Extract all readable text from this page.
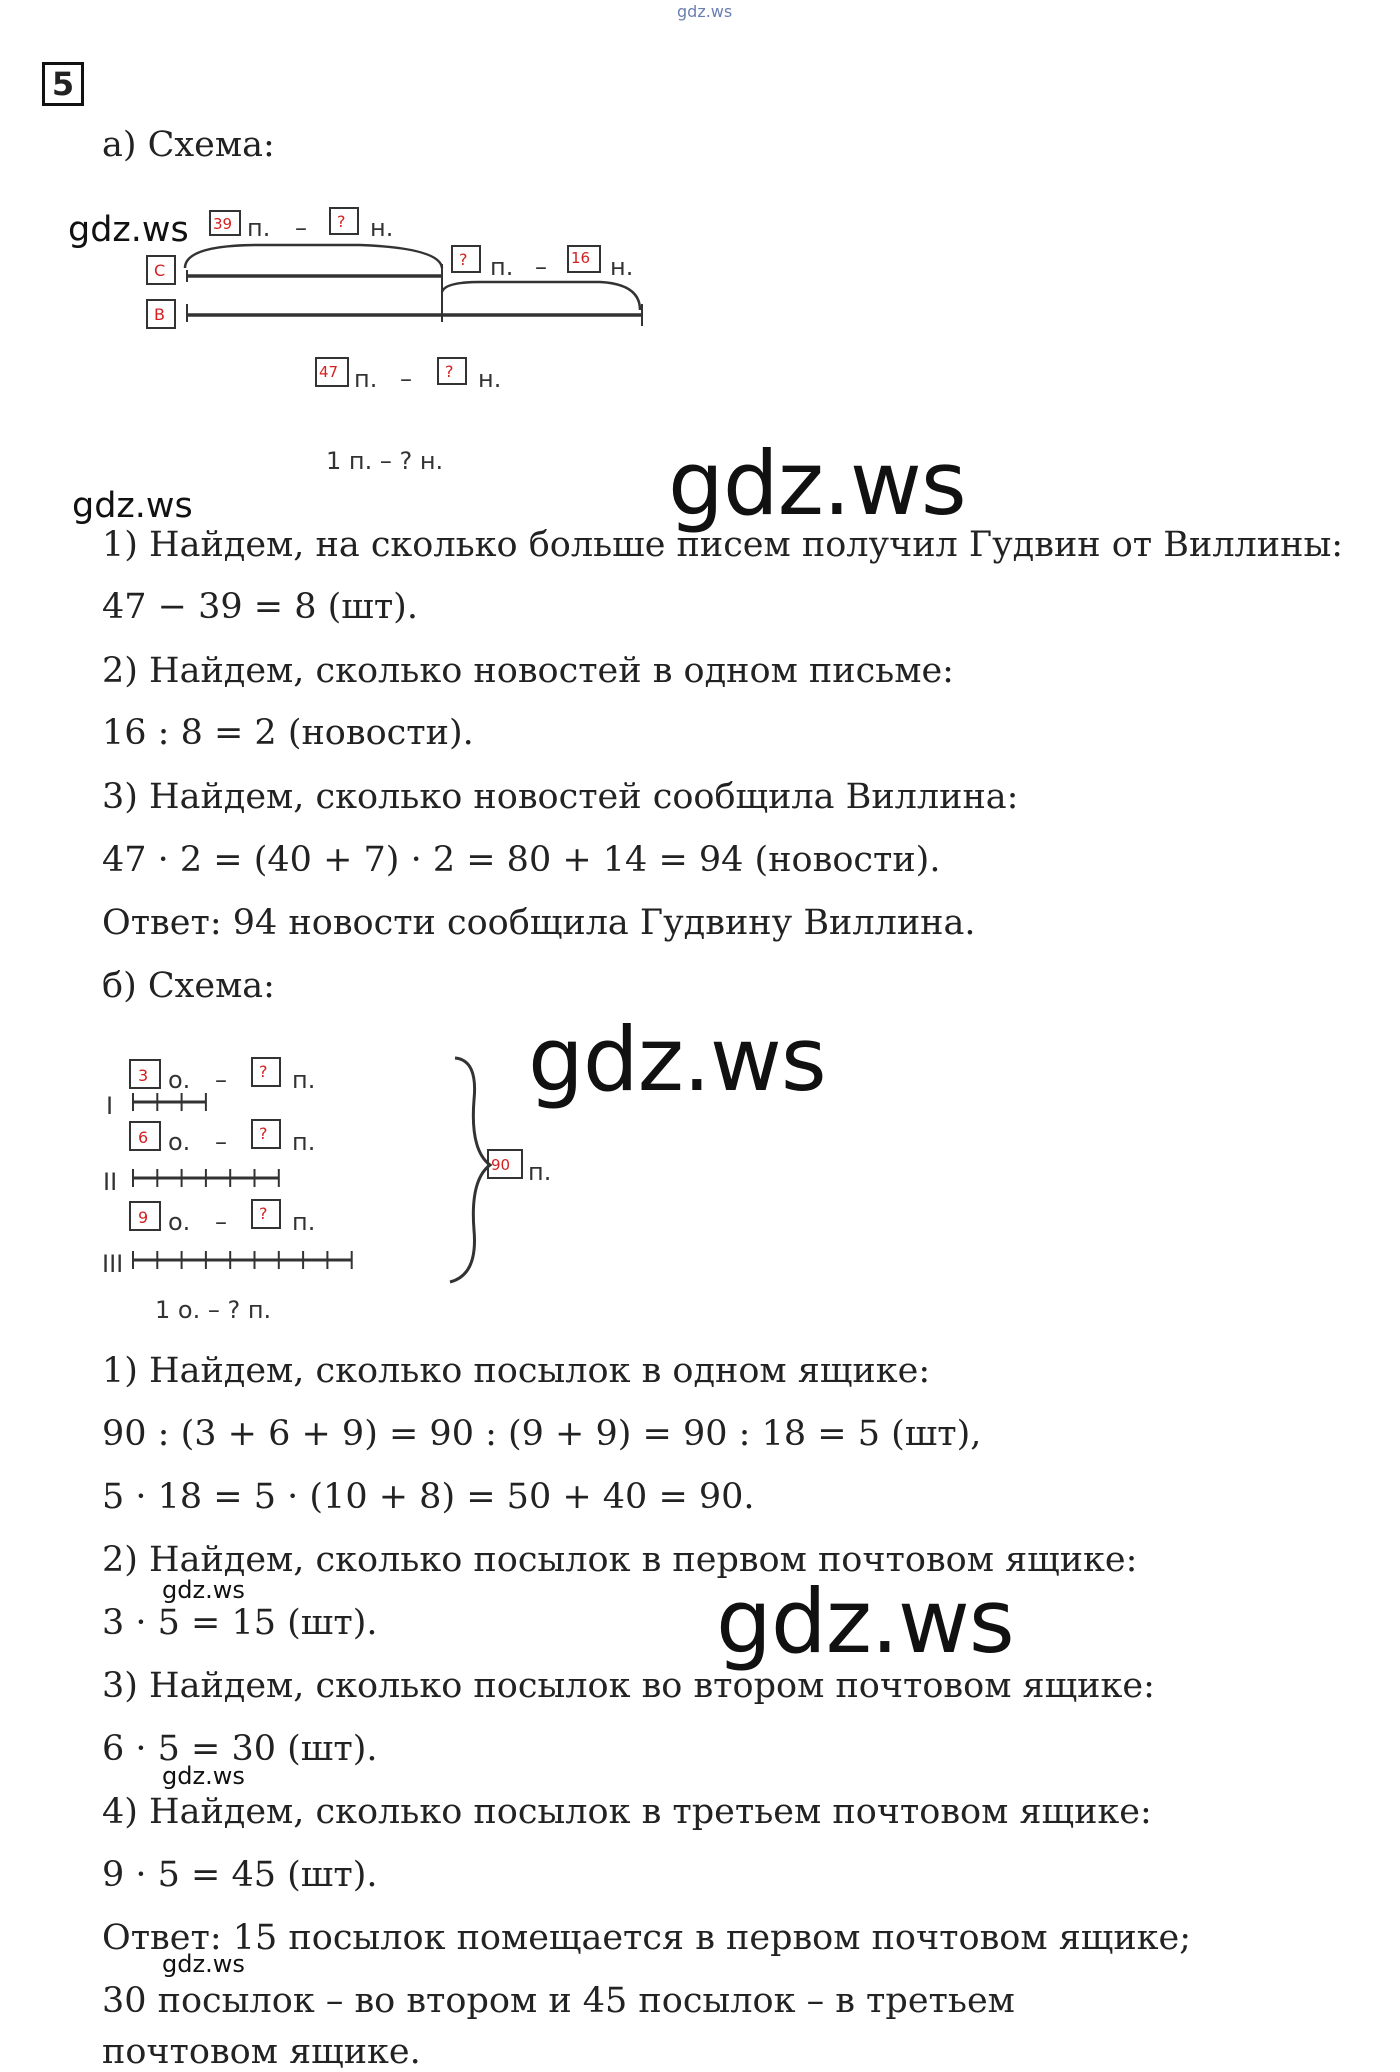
gdz.ws
5
а) Схема:
gdz.ws 39 п. – ? н.
С
? п. – 16 н.
В
47 п. – ? н.
1 п. – ? н.
3 о. – ? п.
I
6 о. – ? п.
II
9 о. – ? п.
III
90 п.
1 о. – ? п.
gdz.ws
gdz.ws
1) Найдем, на сколько больше писем получил Гудвин от Виллины:
47 − 39 = 8 (шт).
2) Найдем, сколько новостей в одном письме:
16 : 8 = 2 (новости).
3) Найдем, сколько новостей сообщила Виллина:
47 · 2 = (40 + 7) · 2 = 80 + 14 = 94 (новости).
Ответ: 94 новости сообщила Гудвину Виллина.
б) Схема:
gdz.ws
1) Найдем, сколько посылок в одном ящике:
90 : (3 + 6 + 9) = 90 : (9 + 9) = 90 : 18 = 5 (шт),
5 · 18 = 5 · (10 + 8) = 50 + 40 = 90.
2) Найдем, сколько посылок в первом почтовом ящике:
gdz.ws
3 · 5 = 15 (шт).	gdz.ws
3) Найдем, сколько посылок во втором почтовом ящике:
6 · 5 = 30 (шт).
gdz.ws
4) Найдем, сколько посылок в третьем почтовом ящике:
9 · 5 = 45 (шт).
Ответ: 15 посылок помещается в первом почтовом ящике;
gdz.ws
30 посылок – во втором и 45 посылок – в третьем
почтовом ящике.
